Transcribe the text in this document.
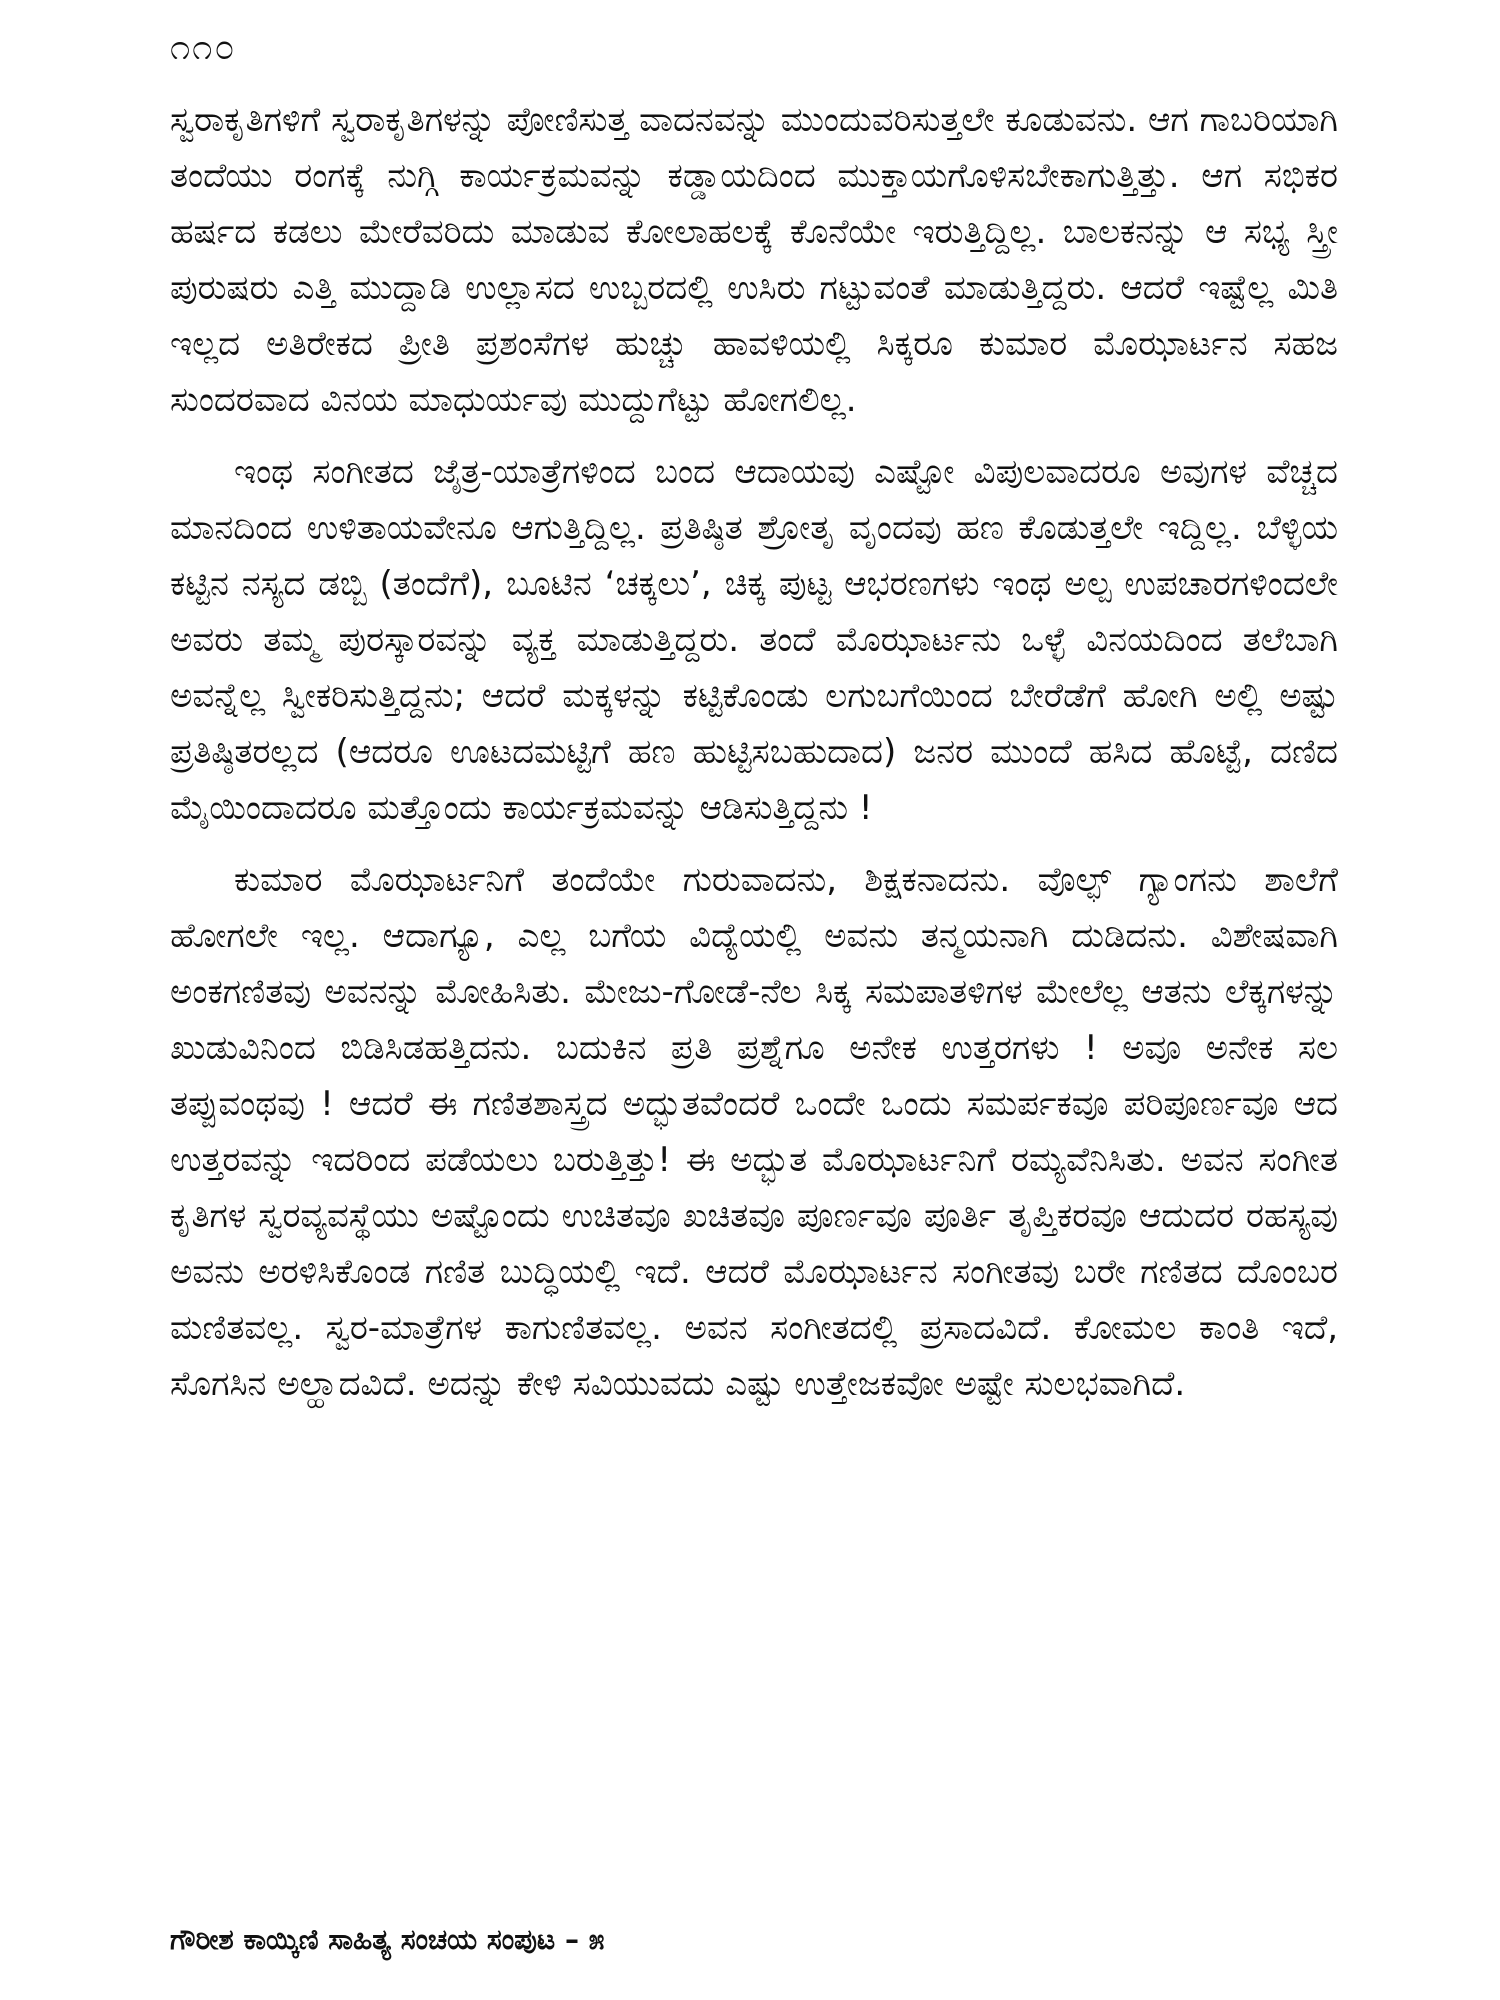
೧೧೦

ಸ್ವರಾಕೃತಿಗಳಿಗೆ ಸ್ವರಾಕೃತಿಗಳನ್ನು ಪೋಣಿಸುತ್ತ ವಾದನವನ್ನು ಮುಂದುವರಿಸುತ್ತಲೇ ಕೂಡುವನು. ಆಗ ಗಾಬರಿಯಾಗಿ ತಂದೆಯು ರಂಗಕ್ಕೆ ನುಗ್ಗಿ ಕಾರ್ಯಕ್ರಮವನ್ನು ಕಡ್ಡಾಯದಿಂದ ಮುಕ್ತಾಯಗೊಳಿಸಬೇಕಾಗುತ್ತಿತ್ತು. ಆಗ ಸಭಿಕರ ಹರ್ಷದ ಕಡಲು ಮೇರೆವರಿದು ಮಾಡುವ ಕೋಲಾಹಲಕ್ಕೆ ಕೊನೆಯೇ ಇರುತ್ತಿದ್ದಿಲ್ಲ. ಬಾಲಕನನ್ನು ಆ ಸಭ್ಯ ಸ್ತ್ರೀ ಪುರುಷರು ಎತ್ತಿ ಮುದ್ದಾಡಿ ಉಲ್ಲಾಸದ ಉಬ್ಬರದಲ್ಲಿ ಉಸಿರು ಗಟ್ಟುವಂತೆ ಮಾಡುತ್ತಿದ್ದರು. ಆದರೆ ಇಷ್ಟೆಲ್ಲ ಮಿತಿ ಇಲ್ಲದ ಅತಿರೇಕದ ಪ್ರೀತಿ ಪ್ರಶಂಸೆಗಳ ಹುಚ್ಚು ಹಾವಳಿಯಲ್ಲಿ ಸಿಕ್ಕರೂ ಕುಮಾರ ಮೊಝಾರ್ಟನ ಸಹಜ ಸುಂದರವಾದ ವಿನಯ ಮಾಧುರ್ಯವು ಮುದ್ದುಗೆಟ್ಟು ಹೋಗಲಿಲ್ಲ.

ಇಂಥ ಸಂಗೀತದ ಜೈತ್ರ-ಯಾತ್ರೆಗಳಿಂದ ಬಂದ ಆದಾಯವು ಎಷ್ಟೋ ವಿಪುಲವಾದರೂ ಅವುಗಳ ವೆಚ್ಚದ ಮಾನದಿಂದ ಉಳಿತಾಯವೇನೂ ಆಗುತ್ತಿದ್ದಿಲ್ಲ. ಪ್ರತಿಷ್ಠಿತ ಶ್ರೋತೃ ವೃಂದವು ಹಣ ಕೊಡುತ್ತಲೇ ಇದ್ದಿಲ್ಲ. ಬೆಳ್ಳಿಯ ಕಟ್ಟಿನ ನಸ್ಯದ ಡಬ್ಬಿ (ತಂದೆಗೆ), ಬೂಟಿನ ‘ಚಕ್ಕಲು’, ಚಿಕ್ಕ ಪುಟ್ಟ ಆಭರಣಗಳು ಇಂಥ ಅಲ್ಪ ಉಪಚಾರಗಳಿಂದಲೇ ಅವರು ತಮ್ಮ ಪುರಸ್ಕಾರವನ್ನು ವ್ಯಕ್ತ ಮಾಡುತ್ತಿದ್ದರು. ತಂದೆ ಮೊಝಾರ್ಟನು ಒಳ್ಳೆ ವಿನಯದಿಂದ ತಲೆಬಾಗಿ ಅವನ್ನೆಲ್ಲ ಸ್ವೀಕರಿಸುತ್ತಿದ್ದನು; ಆದರೆ ಮಕ್ಕಳನ್ನು ಕಟ್ಟಿಕೊಂಡು ಲಗುಬಗೆಯಿಂದ ಬೇರೆಡೆಗೆ ಹೋಗಿ ಅಲ್ಲಿ ಅಷ್ಟು ಪ್ರತಿಷ್ಠಿತರಲ್ಲದ (ಆದರೂ ಊಟದಮಟ್ಟಿಗೆ ಹಣ ಹುಟ್ಟಿಸಬಹುದಾದ) ಜನರ ಮುಂದೆ ಹಸಿದ ಹೊಟ್ಟೆ, ದಣಿದ ಮೈಯಿಂದಾದರೂ ಮತ್ತೊಂದು ಕಾರ್ಯಕ್ರಮವನ್ನು ಆಡಿಸುತ್ತಿದ್ದನು !

ಕುಮಾರ ಮೊಝಾರ್ಟನಿಗೆ ತಂದೆಯೇ ಗುರುವಾದನು, ಶಿಕ್ಷಕನಾದನು. ವೊಲ್ಫ್ ಗ್ಯಾಂಗನು ಶಾಲೆಗೆ ಹೋಗಲೇ ಇಲ್ಲ. ಆದಾಗ್ಯೂ, ಎಲ್ಲ ಬಗೆಯ ವಿದ್ಯೆಯಲ್ಲಿ ಅವನು ತನ್ಮಯನಾಗಿ ದುಡಿದನು. ವಿಶೇಷವಾಗಿ ಅಂಕಗಣಿತವು ಅವನನ್ನು ಮೋಹಿಸಿತು. ಮೇಜು-ಗೋಡೆ-ನೆಲ ಸಿಕ್ಕ ಸಮಪಾತಳಿಗಳ ಮೇಲೆಲ್ಲ ಆತನು ಲೆಕ್ಕಗಳನ್ನು ಖುಡುವಿನಿಂದ ಬಿಡಿಸಿಡಹತ್ತಿದನು. ಬದುಕಿನ ಪ್ರತಿ ಪ್ರಶ್ನೆಗೂ ಅನೇಕ ಉತ್ತರಗಳು ! ಅವೂ ಅನೇಕ ಸಲ ತಪ್ಪುವಂಥವು ! ಆದರೆ ಈ ಗಣಿತಶಾಸ್ತ್ರದ ಅದ್ಭುತವೆಂದರೆ ಒಂದೇ ಒಂದು ಸಮರ್ಪಕವೂ ಪರಿಪೂರ್ಣವೂ ಆದ ಉತ್ತರವನ್ನು ಇದರಿಂದ ಪಡೆಯಲು ಬರುತ್ತಿತ್ತು! ಈ ಅದ್ಭುತ ಮೊಝಾರ್ಟನಿಗೆ ರಮ್ಯವೆನಿಸಿತು. ಅವನ ಸಂಗೀತ ಕೃತಿಗಳ ಸ್ವರವ್ಯವಸ್ಥೆಯು ಅಷ್ಟೊಂದು ಉಚಿತವೂ ಖಚಿತವೂ ಪೂರ್ಣವೂ ಪೂರ್ತಿ ತೃಪ್ತಿಕರವೂ ಆದುದರ ರಹಸ್ಯವು ಅವನು ಅರಳಿಸಿಕೊಂಡ ಗಣಿತ ಬುದ್ಧಿಯಲ್ಲಿ ಇದೆ. ಆದರೆ ಮೊಝಾರ್ಟನ ಸಂಗೀತವು ಬರೇ ಗಣಿತದ ದೊಂಬರ ಮಣಿತವಲ್ಲ. ಸ್ವರ-ಮಾತ್ರೆಗಳ ಕಾಗುಣಿತವಲ್ಲ. ಅವನ ಸಂಗೀತದಲ್ಲಿ ಪ್ರಸಾದವಿದೆ. ಕೋಮಲ ಕಾಂತಿ ಇದೆ, ಸೊಗಸಿನ ಅಲ್ಹಾದವಿದೆ. ಅದನ್ನು ಕೇಳಿ ಸವಿಯುವದು ಎಷ್ಟು ಉತ್ತೇಜಕವೋ ಅಷ್ಟೇ ಸುಲಭವಾಗಿದೆ.

ಗೌರೀಶ ಕಾಯ್ಕಿಣಿ ಸಾಹಿತ್ಯ ಸಂಚಯ ಸಂಪುಟ – ೫
